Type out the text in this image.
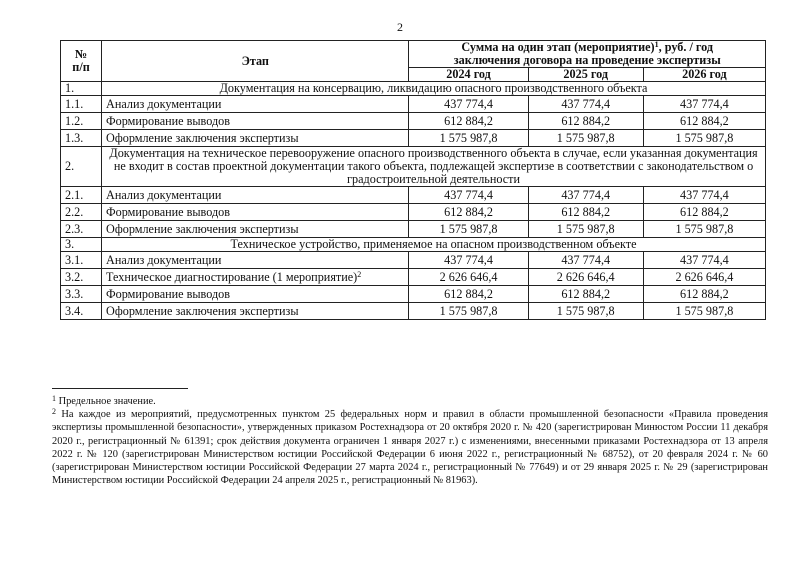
2
№
п/п	Этап	Сумма на один этап (мероприятие)$^1$, руб. / год
заключения договора на проведение экспертизы		
		2024 год	2025 год	2026 год
1.	Документация на консервацию, ликвидацию опасного производственного объекта			
1.1.	Анализ документации	437 774,4	437 774,4	437 774,4
1.2.	Формирование выводов	612 884,2	612 884,2	612 884,2
1.3.	Оформление заключения экспертизы	1 575 987,8	1 575 987,8	1 575 987,8
2.	Документация на техническое перевооружение опасного производственного объекта в случае, если указанная документация не входит в состав проектной документации такого объекта, подлежащей экспертизе в соответствии с законодательством о градостроительной деятельности			
2.1.	Анализ документации	437 774,4	437 774,4	437 774,4
2.2.	Формирование выводов	612 884,2	612 884,2	612 884,2
2.3.	Оформление заключения экспертизы	1 575 987,8	1 575 987,8	1 575 987,8
3.	Техническое устройство, применяемое на опасном производственном объекте			
3.1.	Анализ документации	437 774,4	437 774,4	437 774,4
3.2.	Техническое диагностирование (1 мероприятие)$^2$	2 626 646,4	2 626 646,4	2 626 646,4
3.3.	Формирование выводов	612 884,2	612 884,2	612 884,2
3.4.	Оформление заключения экспертизы	1 575 987,8	1 575 987,8	1 575 987,8
$^1$ Предельное значение.
$^2$ На каждое из мероприятий, предусмотренных пунктом 25 федеральных норм и правил в области промышленной безопасности «Правила проведения экспертизы промышленной безопасности», утвержденных приказом Ростехнадзора от 20 октября 2020 г. № 420 (зарегистрирован Минюстом России 11 декабря 2020 г., регистрационный № 61391; срок действия документа ограничен 1 января 2027 г.) с изменениями, внесенными приказами Ростехнадзора от 13 апреля 2022 г. № 120 (зарегистрирован Министерством юстиции Российской Федерации 6 июня 2022 г., регистрационный № 68752), от 20 февраля 2024 г. № 60 (зарегистрирован Министерством юстиции Российской Федерации 27 марта 2024 г., регистрационный № 77649) и от 29 января 2025 г. № 29 (зарегистрирован Министерством юстиции Российской Федерации 24 апреля 2025 г., регистрационный № 81963).
